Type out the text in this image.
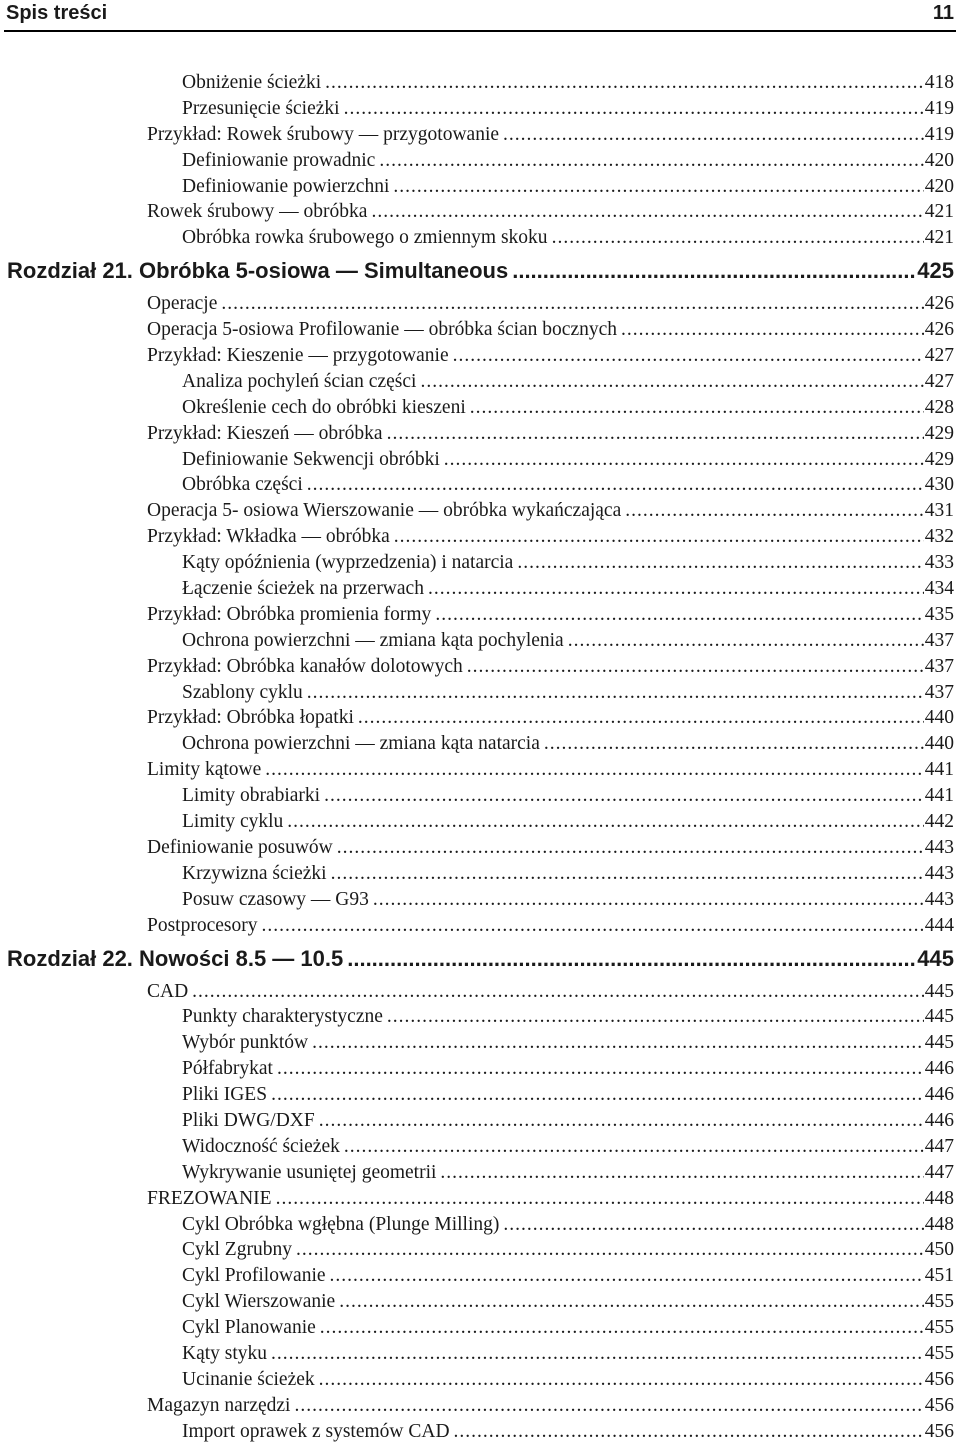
Spis treści	11
Obniżenie ścieżki .....	418
Przesunięcie ścieżki .....	419
Przykład: Rowek śrubowy — przygotowanie .....	419
Definiowanie prowadnic .....	420
Definiowanie powierzchni .....	420
Rowek śrubowy — obróbka .....	421
Obróbka rowka śrubowego o zmiennym skoku .....	421
Rozdział 21. Obróbka 5-osiowa — Simultaneous .....	425
Operacje .....	426
Operacja 5-osiowa Profilowanie — obróbka ścian bocznych .....	426
Przykład: Kieszenie — przygotowanie .....	427
Analiza pochyleń ścian części .....	427
Określenie cech do obróbki kieszeni .....	428
Przykład: Kieszeń — obróbka .....	429
Definiowanie Sekwencji obróbki .....	429
Obróbka części .....	430
Operacja 5- osiowa Wierszowanie — obróbka wykańczająca .....	431
Przykład: Wkładka — obróbka .....	432
Kąty opóźnienia (wyprzedzenia) i natarcia .....	433
Łączenie ścieżek na przerwach .....	434
Przykład: Obróbka promienia formy .....	435
Ochrona powierzchni — zmiana kąta pochylenia .....	437
Przykład: Obróbka kanałów dolotowych .....	437
Szablony cyklu .....	437
Przykład: Obróbka łopatki .....	440
Ochrona powierzchni — zmiana kąta natarcia .....	440
Limity kątowe .....	441
Limity obrabiarki .....	441
Limity cyklu .....	442
Definiowanie posuwów .....	443
Krzywizna ścieżki .....	443
Posuw czasowy — G93 .....	443
Postprocesory .....	444
Rozdział 22. Nowości 8.5 — 10.5 .....	445
CAD .....	445
Punkty charakterystyczne .....	445
Wybór punktów .....	445
Półfabrykat .....	446
Pliki IGES .....	446
Pliki DWG/DXF .....	446
Widoczność ścieżek .....	447
Wykrywanie usuniętej geometrii .....	447
FREZOWANIE .....	448
Cykl Obróbka wgłębna (Plunge Milling) .....	448
Cykl Zgrubny .....	450
Cykl Profilowanie .....	451
Cykl Wierszowanie .....	455
Cykl Planowanie .....	455
Kąty styku .....	455
Ucinanie ścieżek .....	456
Magazyn narzędzi .....	456
Import oprawek z systemów CAD .....	456
